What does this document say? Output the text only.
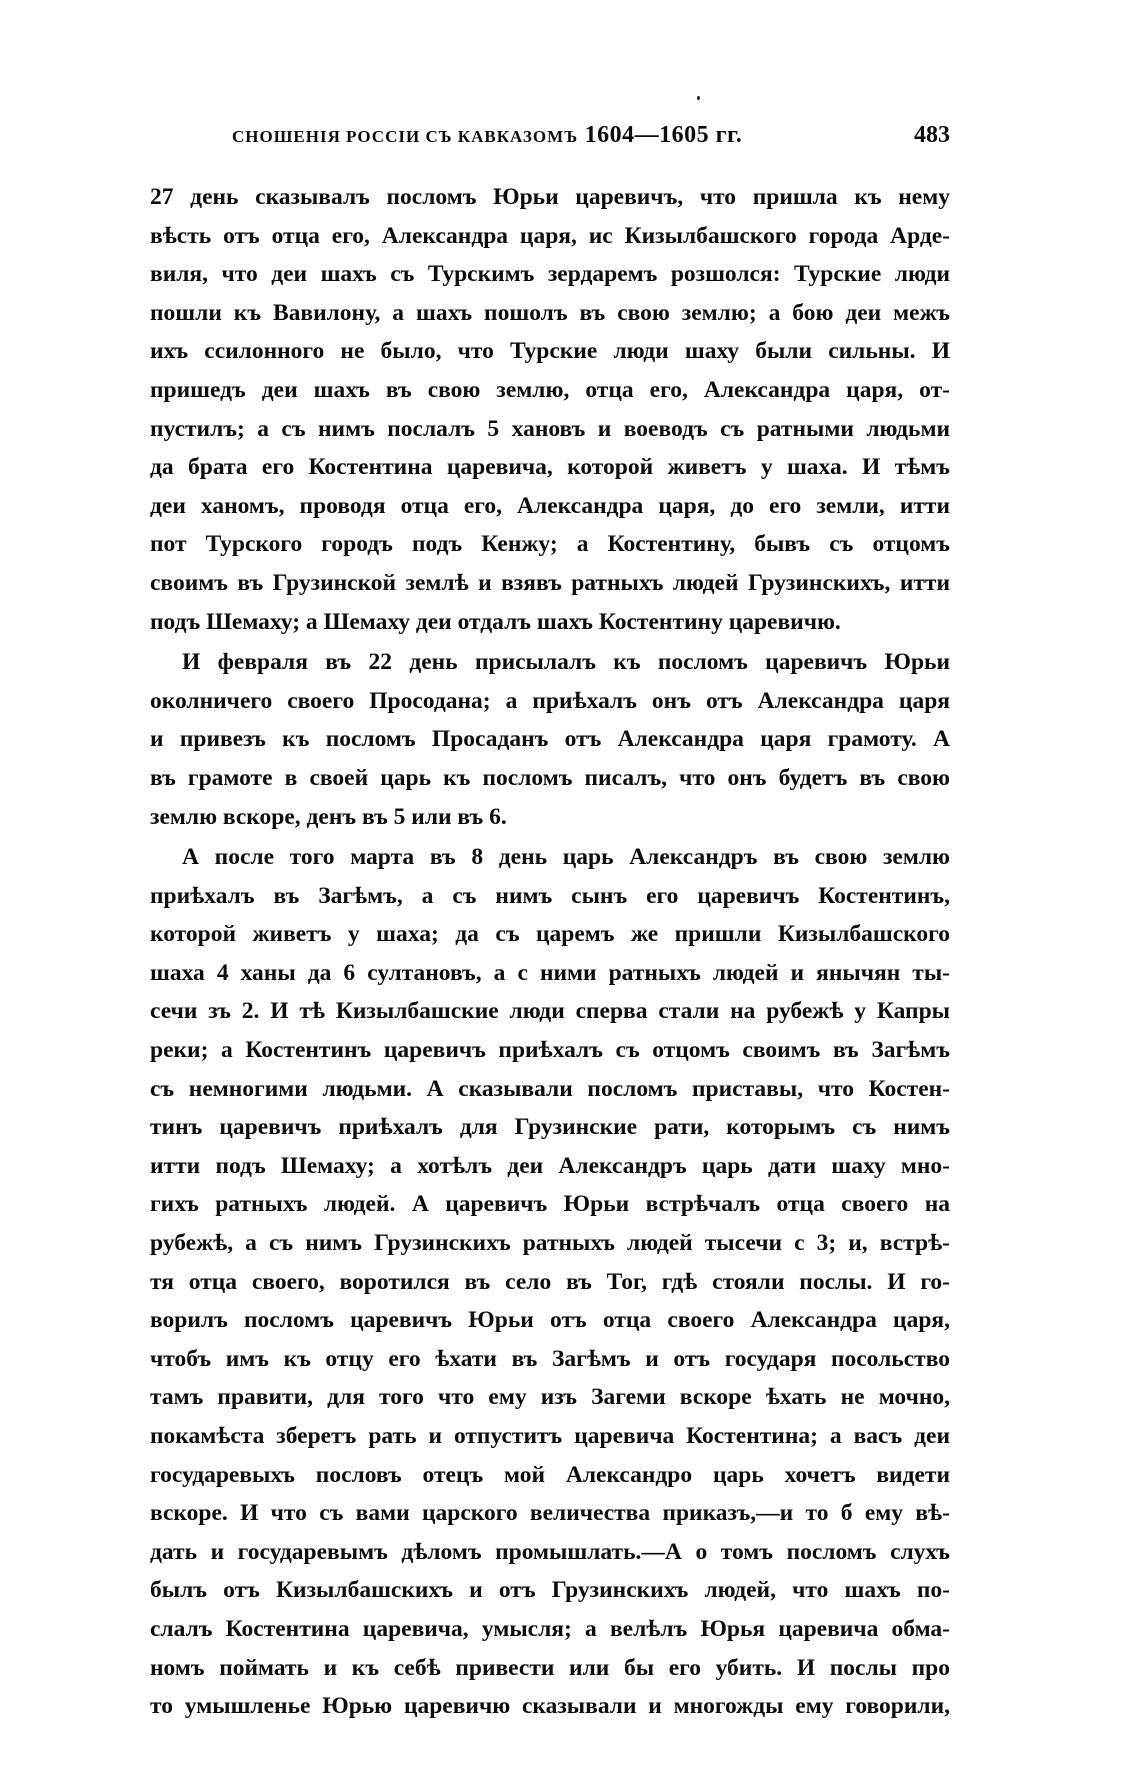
СНОШЕНIЯ РОССIИ СЪ КАВКАЗОМЪ 1604—1605 гг.	483
27 день сказывалъ посломъ Юрьи царевичъ, что пришла къ нему
вѣсть отъ отца его, Александра царя, ис Кизылбашского города Арде-
виля, что деи шахъ съ Турскимъ зердаремъ розшолся: Турские люди
пошли къ Вавилону, а шахъ пошолъ въ свою землю; а бою деи межъ
ихъ ссилонного не было, что Турские люди шаху были сильны. И
пришедъ деи шахъ въ свою землю, отца его, Александра царя, от-
пустилъ; а съ нимъ послалъ 5 хановъ и воеводъ съ ратными людьми
да брата его Костентина царевича, которой живетъ у шаха. И тѣмъ
деи ханомъ, проводя отца его, Александра царя, до его земли, итти
пот Турского городъ подъ Кенжу; а Костентину, бывъ съ отцомъ
своимъ въ Грузинской землѣ и взявъ ратныхъ людей Грузинскихъ, итти
подъ Шемаху; а Шемаху деи отдалъ шахъ Костентину царевичю.
И февраля въ 22 день присылалъ къ посломъ царевичъ Юрьи
околничего своего Просодана; а приѣхалъ онъ отъ Александра царя
и привезъ къ посломъ Просаданъ отъ Александра царя грамоту. А
въ грамоте в своей царь къ посломъ писалъ, что онъ будетъ въ свою
землю вскоре, денъ въ 5 или въ 6.
А после того марта въ 8 день царь Александръ въ свою землю
приѣхалъ въ Загѣмъ, а съ нимъ сынъ его царевичъ Костентинъ,
которой живетъ у шаха; да съ царемъ же пришли Кизылбашского
шаха 4 ханы да 6 султановъ, а с ними ратныхъ людей и янычян ты-
сечи зъ 2. И тѣ Кизылбашские люди сперва стали на рубежѣ у Капры
реки; а Костентинъ царевичъ приѣхалъ съ отцомъ своимъ въ Загѣмъ
съ немногими людьми. А сказывали посломъ приставы, что Костен-
тинъ царевичъ приѣхалъ для Грузинские рати, которымъ съ нимъ
итти подъ Шемаху; а хотѣлъ деи Александръ царь дати шаху мно-
гихъ ратныхъ людей. А царевичъ Юрьи встрѣчалъ отца своего на
рубежѣ, а съ нимъ Грузинскихъ ратныхъ людей тысечи с 3; и, встрѣ-
тя отца своего, воротился въ село въ Тог, гдѣ стояли послы. И го-
ворилъ посломъ царевичъ Юрьи отъ отца своего Александра царя,
чтобъ имъ къ отцу его ѣхати въ Загѣмъ и отъ государя посольство
тамъ правити, для того что ему изъ Загеми вскоре ѣхать не мочно,
покамѣста зберетъ рать и отпуститъ царевича Костентина; а васъ деи
государевыхъ пословъ отецъ мой Александро царь хочетъ видети
вскоре. И что съ вами царского величества приказъ,—и то б ему вѣ-
дать и государевымъ дѣломъ промышлать.—А о томъ посломъ слухъ
былъ отъ Кизылбашскихъ и отъ Грузинскихъ людей, что шахъ по-
слалъ Костентина царевича, умысля; а велѣлъ Юрья царевича обма-
номъ поймать и къ себѣ привести или бы его убить. И послы про
то умышленье Юрью царевичю сказывали и многожды ему говорили,
